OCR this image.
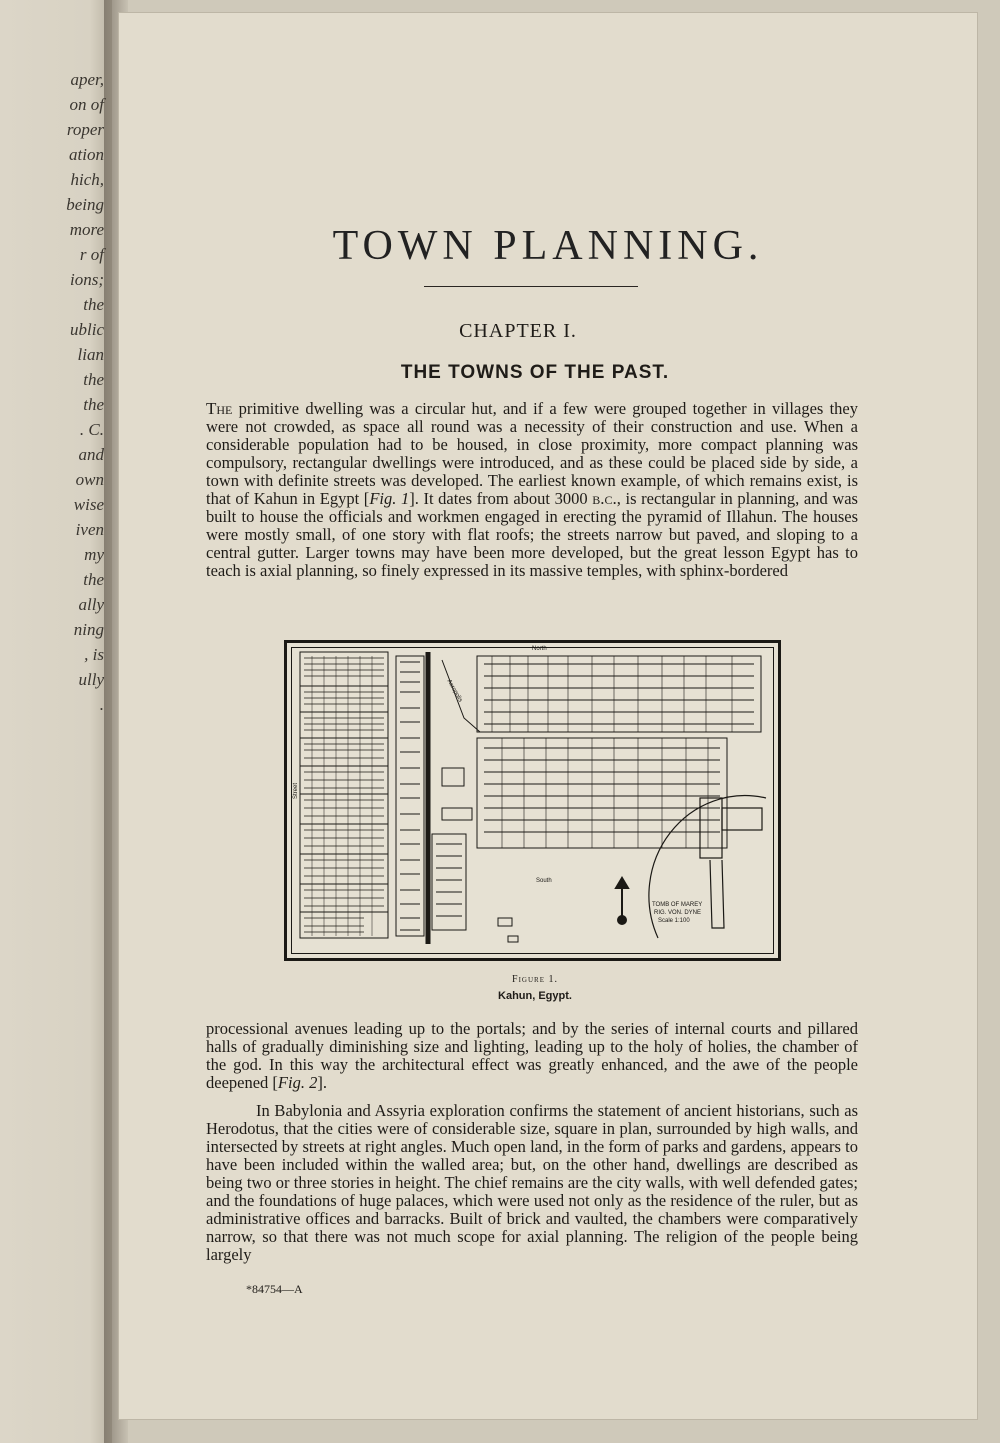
aper,
on of
roper
ation
hich,
being
more
r of
ions;
the
ublic
lian
the
the
. C.
and
own
wise
iven
my
the
ally
ning
, is
ully
.
TOWN PLANNING.
CHAPTER I.
THE TOWNS OF THE PAST.

The primitive dwelling was a circular hut, and if a few were grouped together in villages they were not crowded, as space all round was a necessity of their construction and use. When a considerable population had to be housed, in close proximity, more compact planning was compulsory, rectangular dwellings were introduced, and as these could be placed side by side, a town with definite streets was developed. The earliest known example, of which remains exist, is that of Kahun in Egypt [Fig. 1]. It dates from about 3000 b.c., is rectangular in planning, and was built to house the officials and workmen engaged in erecting the pyramid of Illahun. The houses were mostly small, of one story with flat roofs; the streets narrow but paved, and sloping to a central gutter. Larger towns may have been more developed, but the great lesson Egypt has to teach is axial planning, so finely expressed in its massive temples, with sphinx-bordered

South
Acropolis
TOMB OF MAREY
RIG. VON. DYNE
Scale 1:100
North
Street
Figure 1.
Kahun, Egypt.

processional avenues leading up to the portals; and by the series of internal courts and pillared halls of gradually diminishing size and lighting, leading up to the holy of holies, the chamber of the god. In this way the architectural effect was greatly enhanced, and the awe of the people deepened [Fig. 2].

In Babylonia and Assyria exploration confirms the statement of ancient historians, such as Herodotus, that the cities were of considerable size, square in plan, surrounded by high walls, and intersected by streets at right angles. Much open land, in the form of parks and gardens, appears to have been included within the walled area; but, on the other hand, dwellings are described as being two or three stories in height. The chief remains are the city walls, with well defended gates; and the foundations of huge palaces, which were used not only as the residence of the ruler, but as administrative offices and barracks. Built of brick and vaulted, the chambers were comparatively narrow, so that there was not much scope for axial planning. The religion of the people being largely

*84754—A
